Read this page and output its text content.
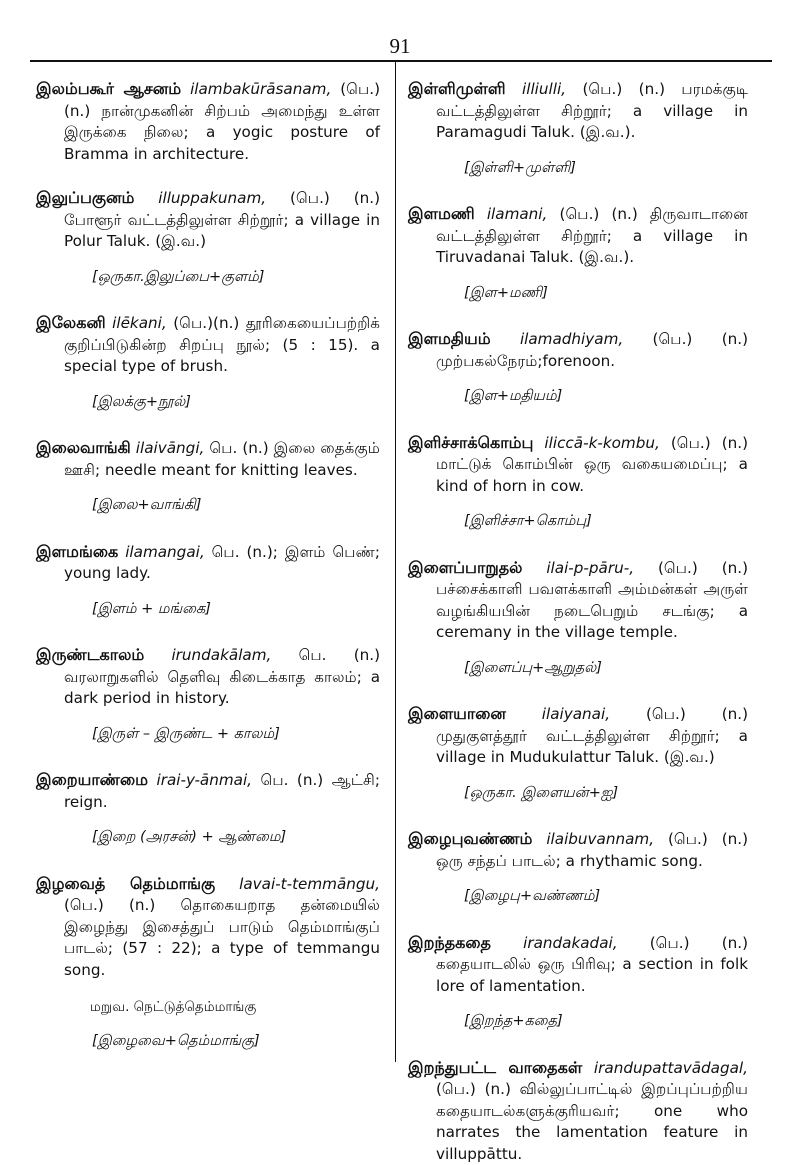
91

இலம்பகூர் ஆசனம் ilambakūrāsanam, (பெ.) (n.) நான்முகனின் சிற்பம் அமைந்து உள்ள இருக்கை நிலை; a yogic posture of Bramma in architecture.

இலுப்பகுனம் illuppakunam, (பெ.) (n.) போளூர் வட்டத்திலுள்ள சிற்றூர்; a village in Polur Taluk. (இ.வ.)

[ஒருகா.இலுப்பை+குளம்]

இலேகனி ilēkani, (பெ.)(n.) தூரிகையைப்பற்றிக் குறிப்பிடுகின்ற சிறப்பு நூல்; (5 : 15). a special type of brush.

[இலக்கு+நூல்]

இலைவாங்கி ilaivāngi, பெ. (n.) இலை தைக்கும் ஊசி; needle meant for knitting leaves.

[இலை+வாங்கி]

இளமங்கை ilamangai, பெ. (n.); இளம் பெண்; young lady.

[இளம் + மங்கை]

இருண்டகாலம் irundakālam, பெ. (n.) வரலாறுகளில் தெளிவு கிடைக்காத காலம்; a dark period in history.

[இருள் – இருண்ட + காலம்]

இறையாண்மை irai-y-ānmai, பெ. (n.) ஆட்சி; reign.

[இறை (அரசன்) + ஆண்மை]

இழவைத் தெம்மாங்கு lavai-t-temmāngu, (பெ.) (n.) தொகையறாத தன்மையில் இழைந்து இசைத்துப் பாடும் தெம்மாங்குப் பாடல்; (57 : 22); a type of temmangu song.

மறுவ. நெட்டுத்தெம்மாங்கு
[இழைவை+தெம்மாங்கு]

இள்ளிமுள்ளி illiulli, (பெ.) (n.) பரமக்குடி வட்டத்திலுள்ள சிற்றூர்; a village in Paramagudi Taluk. (இ.வ.).

[இள்ளி+முள்ளி]

இளமணி ilamani, (பெ.) (n.) திருவாடானை வட்டத்திலுள்ள சிற்றூர்; a village in Tiruvadanai Taluk. (இ.வ.).

[இள+மணி]

இளமதியம் ilamadhiyam, (பெ.) (n.) முற்பகல்நேரம்;forenoon.

[இள+மதியம்]

இளிச்சாக்கொம்பு iliccā-k-kombu, (பெ.) (n.) மாட்டுக் கொம்பின் ஒரு வகையமைப்பு; a kind of horn in cow.

[இளிச்சா+கொம்பு]

இளைப்பாறுதல் ilai-p-pāru-, (பெ.) (n.) பச்சைக்காளி பவளக்காளி அம்மன்கள் அருள் வழங்கியபின் நடைபெறும் சடங்கு; a ceremany in the village temple.

[இளைப்பு+ஆறுதல்]

இளையானை ilaiyanai, (பெ.) (n.) முதுகுளத்தூர் வட்டத்திலுள்ள சிற்றூர்; a village in Mudukulattur Taluk. (இ.வ.)

[ஒருகா. இளையன்+ஐ]

இழைபுவண்ணம் ilaibuvannam, (பெ.) (n.) ஒரு சந்தப் பாடல்; a rhythamic song.

[இழைபு+வண்ணம்]

இறந்தகதை irandakadai, (பெ.) (n.) கதையாடலில் ஒரு பிரிவு; a section in folk lore of lamentation.

[இறந்த+கதை]

இறந்துபட்ட வாதைகள் irandupattavādagal, (பெ.) (n.) வில்லுப்பாட்டில் இறப்புப்பற்றிய கதையாடல்களுக்குரியவர்; one who narrates the lamentation feature in villuppāttu.
